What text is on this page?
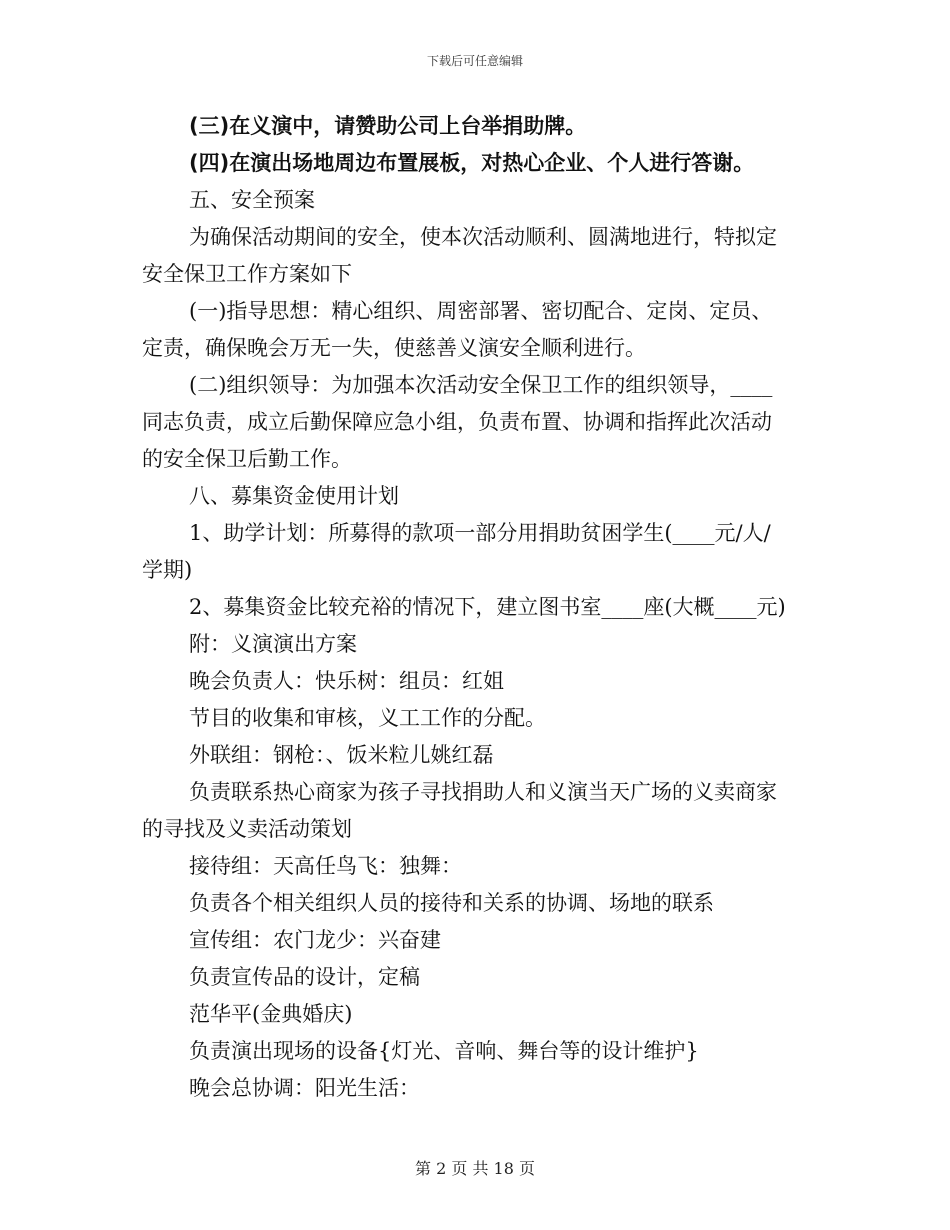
下载后可任意编辑
(三)在义演中，请赞助公司上台举捐助牌。
(四)在演出场地周边布置展板，对热心企业、个人进行答谢。
五、安全预案
为确保活动期间的安全，使本次活动顺利、圆满地进行，特拟定
安全保卫工作方案如下
(一)指导思想：精心组织、周密部署、密切配合、定岗、定员、
定责，确保晚会万无一失，使慈善义演安全顺利进行。
(二)组织领导：为加强本次活动安全保卫工作的组织领导，____
同志负责，成立后勤保障应急小组，负责布置、协调和指挥此次活动
的安全保卫后勤工作。
八、募集资金使用计划
1、助学计划：所募得的款项一部分用捐助贫困学生(____元/人/
学期)
2、募集资金比较充裕的情况下，建立图书室____座(大概____元)
附：义演演出方案
晚会负责人：快乐树：组员：红姐
节目的收集和审核，义工工作的分配。
外联组：钢枪：、饭米粒儿姚红磊
负责联系热心商家为孩子寻找捐助人和义演当天广场的义卖商家
的寻找及义卖活动策划
接待组：天高任鸟飞：独舞：
负责各个相关组织人员的接待和关系的协调、场地的联系
宣传组：农门龙少：兴奋建
负责宣传品的设计，定稿
范华平(金典婚庆)
负责演出现场的设备{灯光、音响、舞台等的设计维护}
晚会总协调：阳光生活：
第 2 页 共 18 页
